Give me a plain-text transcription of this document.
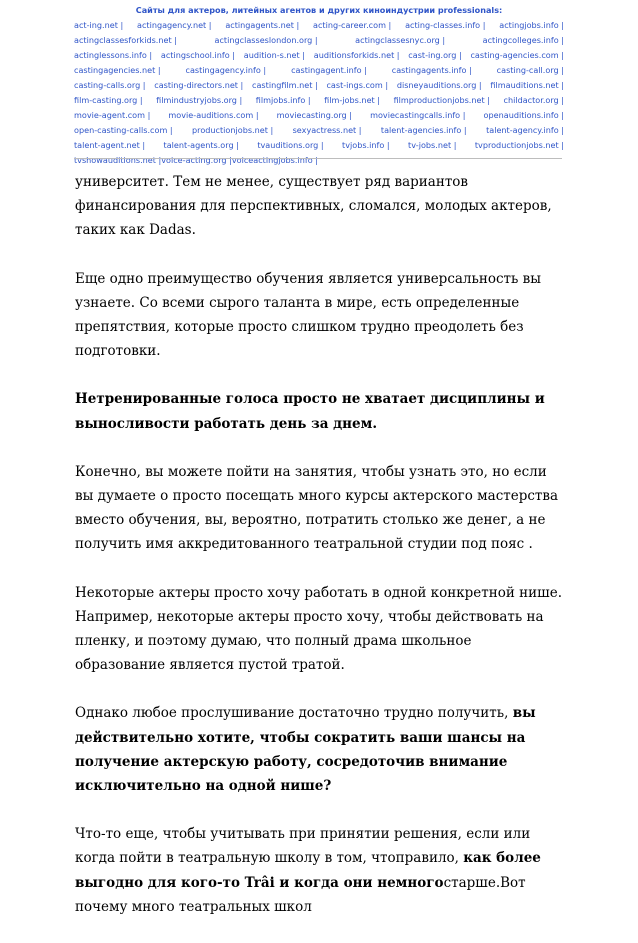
Сайты для актеров, литейных агентов и других киноиндустрии professionals:
act-ing.net | actingagency.net | actingagents.net | acting-career.com | acting-classes.info | actingjobs.info |
actingclassesforkids.net |	actingclasseslondon.org |	actingclassesnyc.org |	actingcolleges.info |
actinglessons.info | actingschool.info | audition-s.net | auditionsforkids.net | cast-ing.org | casting-agencies.com |
castingagencies.net |	castingagency.info |	castingagent.info |	castingagents.info |	casting-call.org |
casting-calls.org | casting-directors.net | castingfilm.net | cast-ings.com | disneyauditions.org | filmauditions.net |
film-casting.org | filmindustryjobs.org | filmjobs.info | film-jobs.net | filmproductionjobs.net | childactor.org |
movie-agent.com | movie-auditions.com | moviecasting.org | moviecastingcalls.info | openauditions.info |
open-casting-calls.com | productionjobs.net | sexyactress.net | talent-agencies.info | talent-agency.info |
talent-agent.net | talent-agents.org | tvauditions.org | tvjobs.info | tv-jobs.net | tvproductionjobs.net |
tvshowauditions.net | voice-acting.org | voiceactingjobs.info |

университет. Тем не менее, существует ряд вариантов финансирования для перспективных, сломался, молодых актеров, таких как Dadas.

Еще одно преимущество обучения является универсальность вы узнаете. Со всеми сырого таланта в мире, есть определенные препятствия, которые просто слишком трудно преодолеть без подготовки.

Нетренированные голоса просто не хватает дисциплины и выносливости работать день за днем.

Конечно, вы можете пойти на занятия, чтобы узнать это, но если вы думаете о просто посещать много курсы актерского мастерства вместо обучения, вы, вероятно, потратить столько же денег, а не получить имя аккредитованного театральной студии под пояс .

Некоторые актеры просто хочу работать в одной конкретной нише. Например, некоторые актеры просто хочу, чтобы действовать на пленку, и поэтому думаю, что полный драма школьное образование является пустой тратой.

Однако любое прослушивание достаточно трудно получить, вы действительно хотите, чтобы сократить ваши шансы на получение актерскую работу, сосредоточив внимание исключительно на одной нише?

Что-то еще, чтобы учитывать при принятии решения, если или когда пойти в театральную школу в том, чтоправило, как более выгодно для кого-то Trâi и когда они немногостарше.Вот почему много театральных школ
